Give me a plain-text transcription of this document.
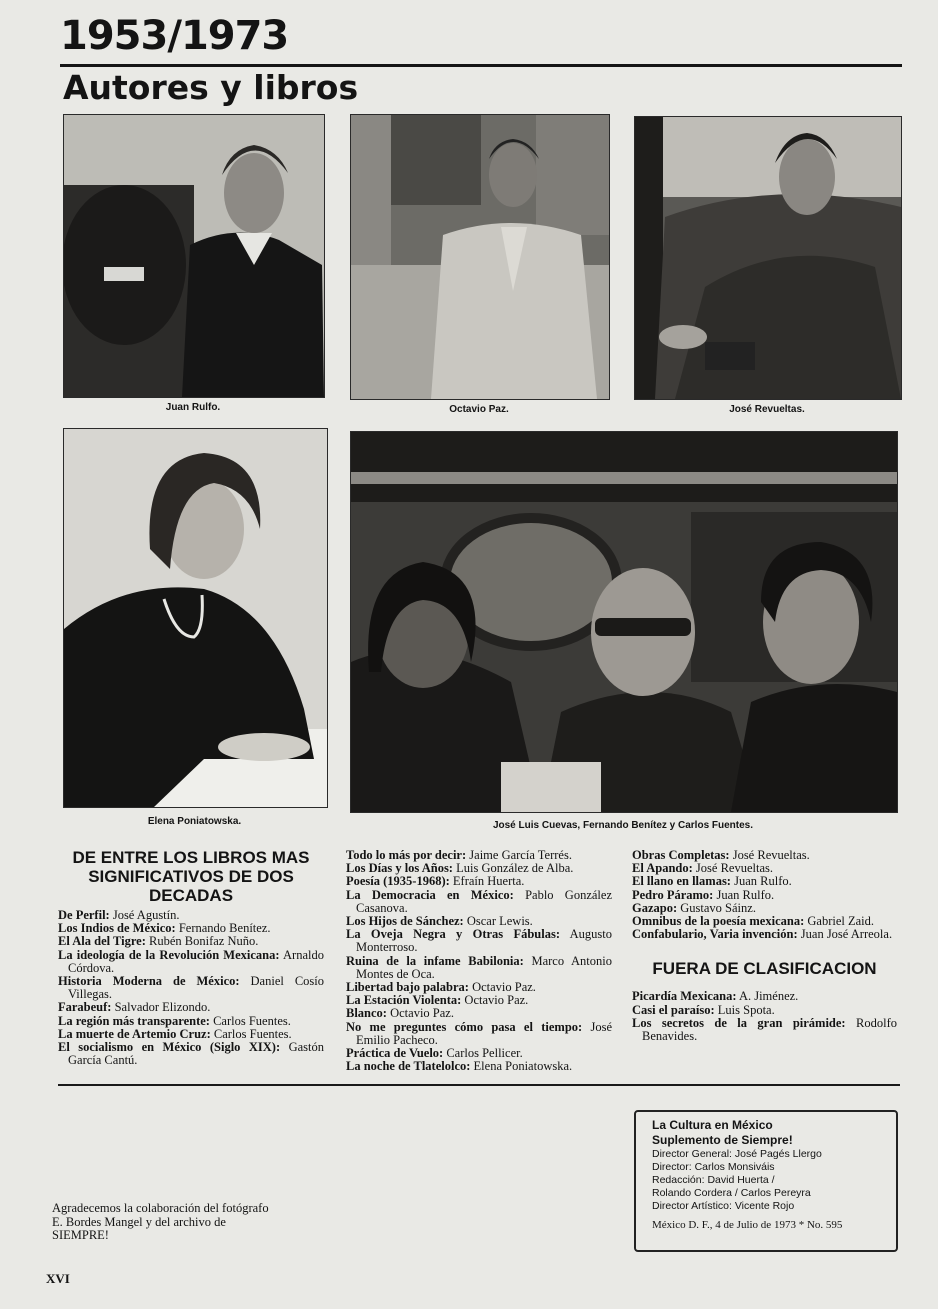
1953/1973
Autores y libros
Juan Rulfo.	Octavio Paz.	José Revueltas.
Elena Poniatowska.	José Luis Cuevas, Fernando Benítez y Carlos Fuentes.
DE ENTRE LOS LIBROS MAS SIGNIFICATIVOS DE DOS DECADAS

De Perfil: José Agustín.

Los Indios de México: Fernando Benítez.

El Ala del Tigre: Rubén Bonifaz Nuño.

La ideología de la Revolución Mexicana: Arnaldo Córdova.

Historia Moderna de México: Daniel Cosío Villegas.

Farabeuf: Salvador Elizondo.

La región más transparente: Carlos Fuentes.

La muerte de Artemio Cruz: Carlos Fuentes.

El socialismo en México (Siglo XIX): Gastón García Cantú.

Todo lo más por decir: Jaime García Terrés.

Los Días y los Años: Luis González de Alba.

Poesía (1935-1968): Efraín Huerta.

La Democracia en México: Pablo González Casanova.

Los Hijos de Sánchez: Oscar Lewis.

La Oveja Negra y Otras Fábulas: Augusto Monterroso.

Ruina de la infame Babilonia: Marco Antonio Montes de Oca.

Libertad bajo palabra: Octavio Paz.

La Estación Violenta: Octavio Paz.

Blanco: Octavio Paz.

No me preguntes cómo pasa el tiempo: José Emilio Pacheco.

Práctica de Vuelo: Carlos Pellicer.

La noche de Tlatelolco: Elena Poniatowska.

Obras Completas: José Revueltas.

El Apando: José Revueltas.

El llano en llamas: Juan Rulfo.

Pedro Páramo: Juan Rulfo.

Gazapo: Gustavo Sáinz.

Omnibus de la poesía mexicana: Gabriel Zaid.

Confabulario, Varia invención: Juan José Arreola.

FUERA DE CLASIFICACION

Picardía Mexicana: A. Jiménez.

Casi el paraíso: Luis Spota.

Los secretos de la gran pirámide: Rodolfo Benavides.

La Cultura en México
Suplemento de Siempre!
Director General: José Pagés Llergo
Director: Carlos Monsiváis
Redacción: David Huerta /
Rolando Cordera / Carlos Pereyra
Director Artístico: Vicente Rojo
México D. F., 4 de Julio de 1973 * No. 595
Agradecemos la colaboración del fotógrafo E. Bordes Mangel y del archivo de SIEMPRE!
XVI
